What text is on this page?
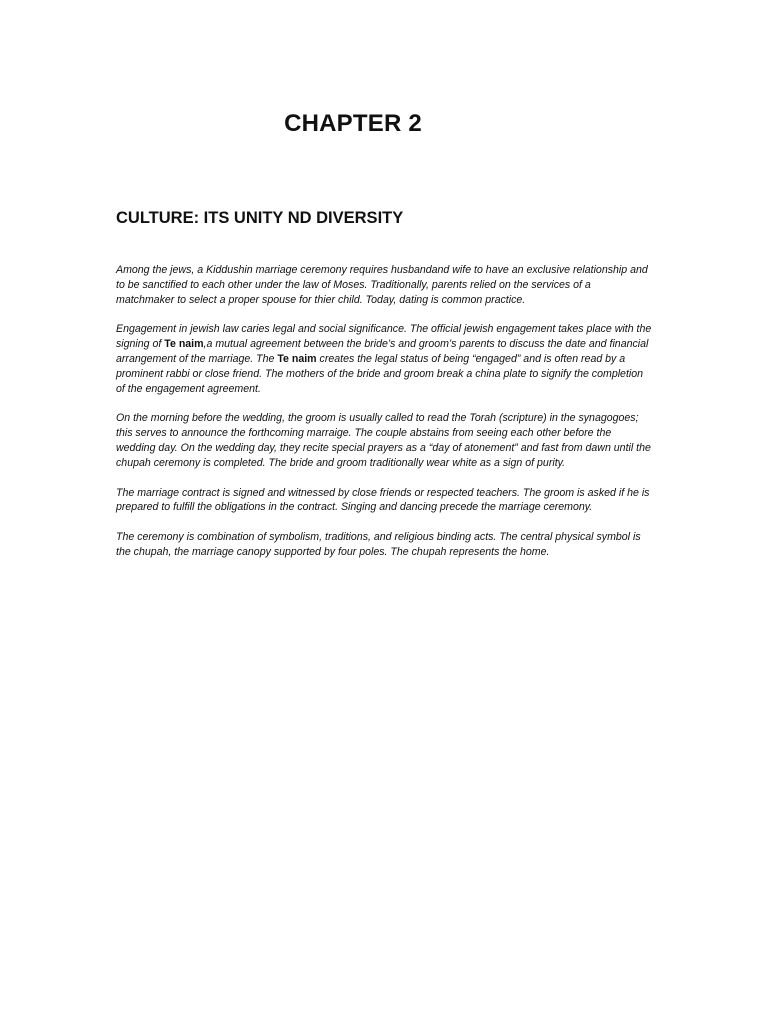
CHAPTER 2
CULTURE: ITS UNITY ND DIVERSITY

Among the jews, a Kiddushin marriage ceremony requires husbandand wife to have an exclusive relationship and to be sanctified to each other under the law of Moses. Traditionally, parents relied on the services of a matchmaker to select a proper spouse for thier child. Today, dating is common practice.

Engagement in jewish law caries legal and social significance. The official jewish engagement takes place with the signing of Te naim,a mutual agreement between the bride’s and groom’s parents to discuss the date and financial arrangement of the marriage. The Te naim creates the legal status of being “engaged” and is often read by a prominent rabbi or close friend. The mothers of the bride and groom break a china plate to signify the completion of the engagement agreement.

On the morning before the wedding, the groom is usually called to read the Torah (scripture) in the synagogoes; this serves to announce the forthcoming marraige. The couple abstains from seeing each other before the wedding day. On the wedding day, they recite special prayers as a “day of atonement” and fast from dawn until the chupah ceremony is completed. The bride and groom traditionally wear white as a sign of purity.

The marriage contract is signed and witnessed by close friends or respected teachers. The groom is asked if he is prepared to fulfill the obligations in the contract. Singing and dancing precede the marriage ceremony.

The ceremony is combination of symbolism, traditions, and religious binding acts. The central physical symbol is the chupah, the marriage canopy supported by four poles. The chupah represents the home.
